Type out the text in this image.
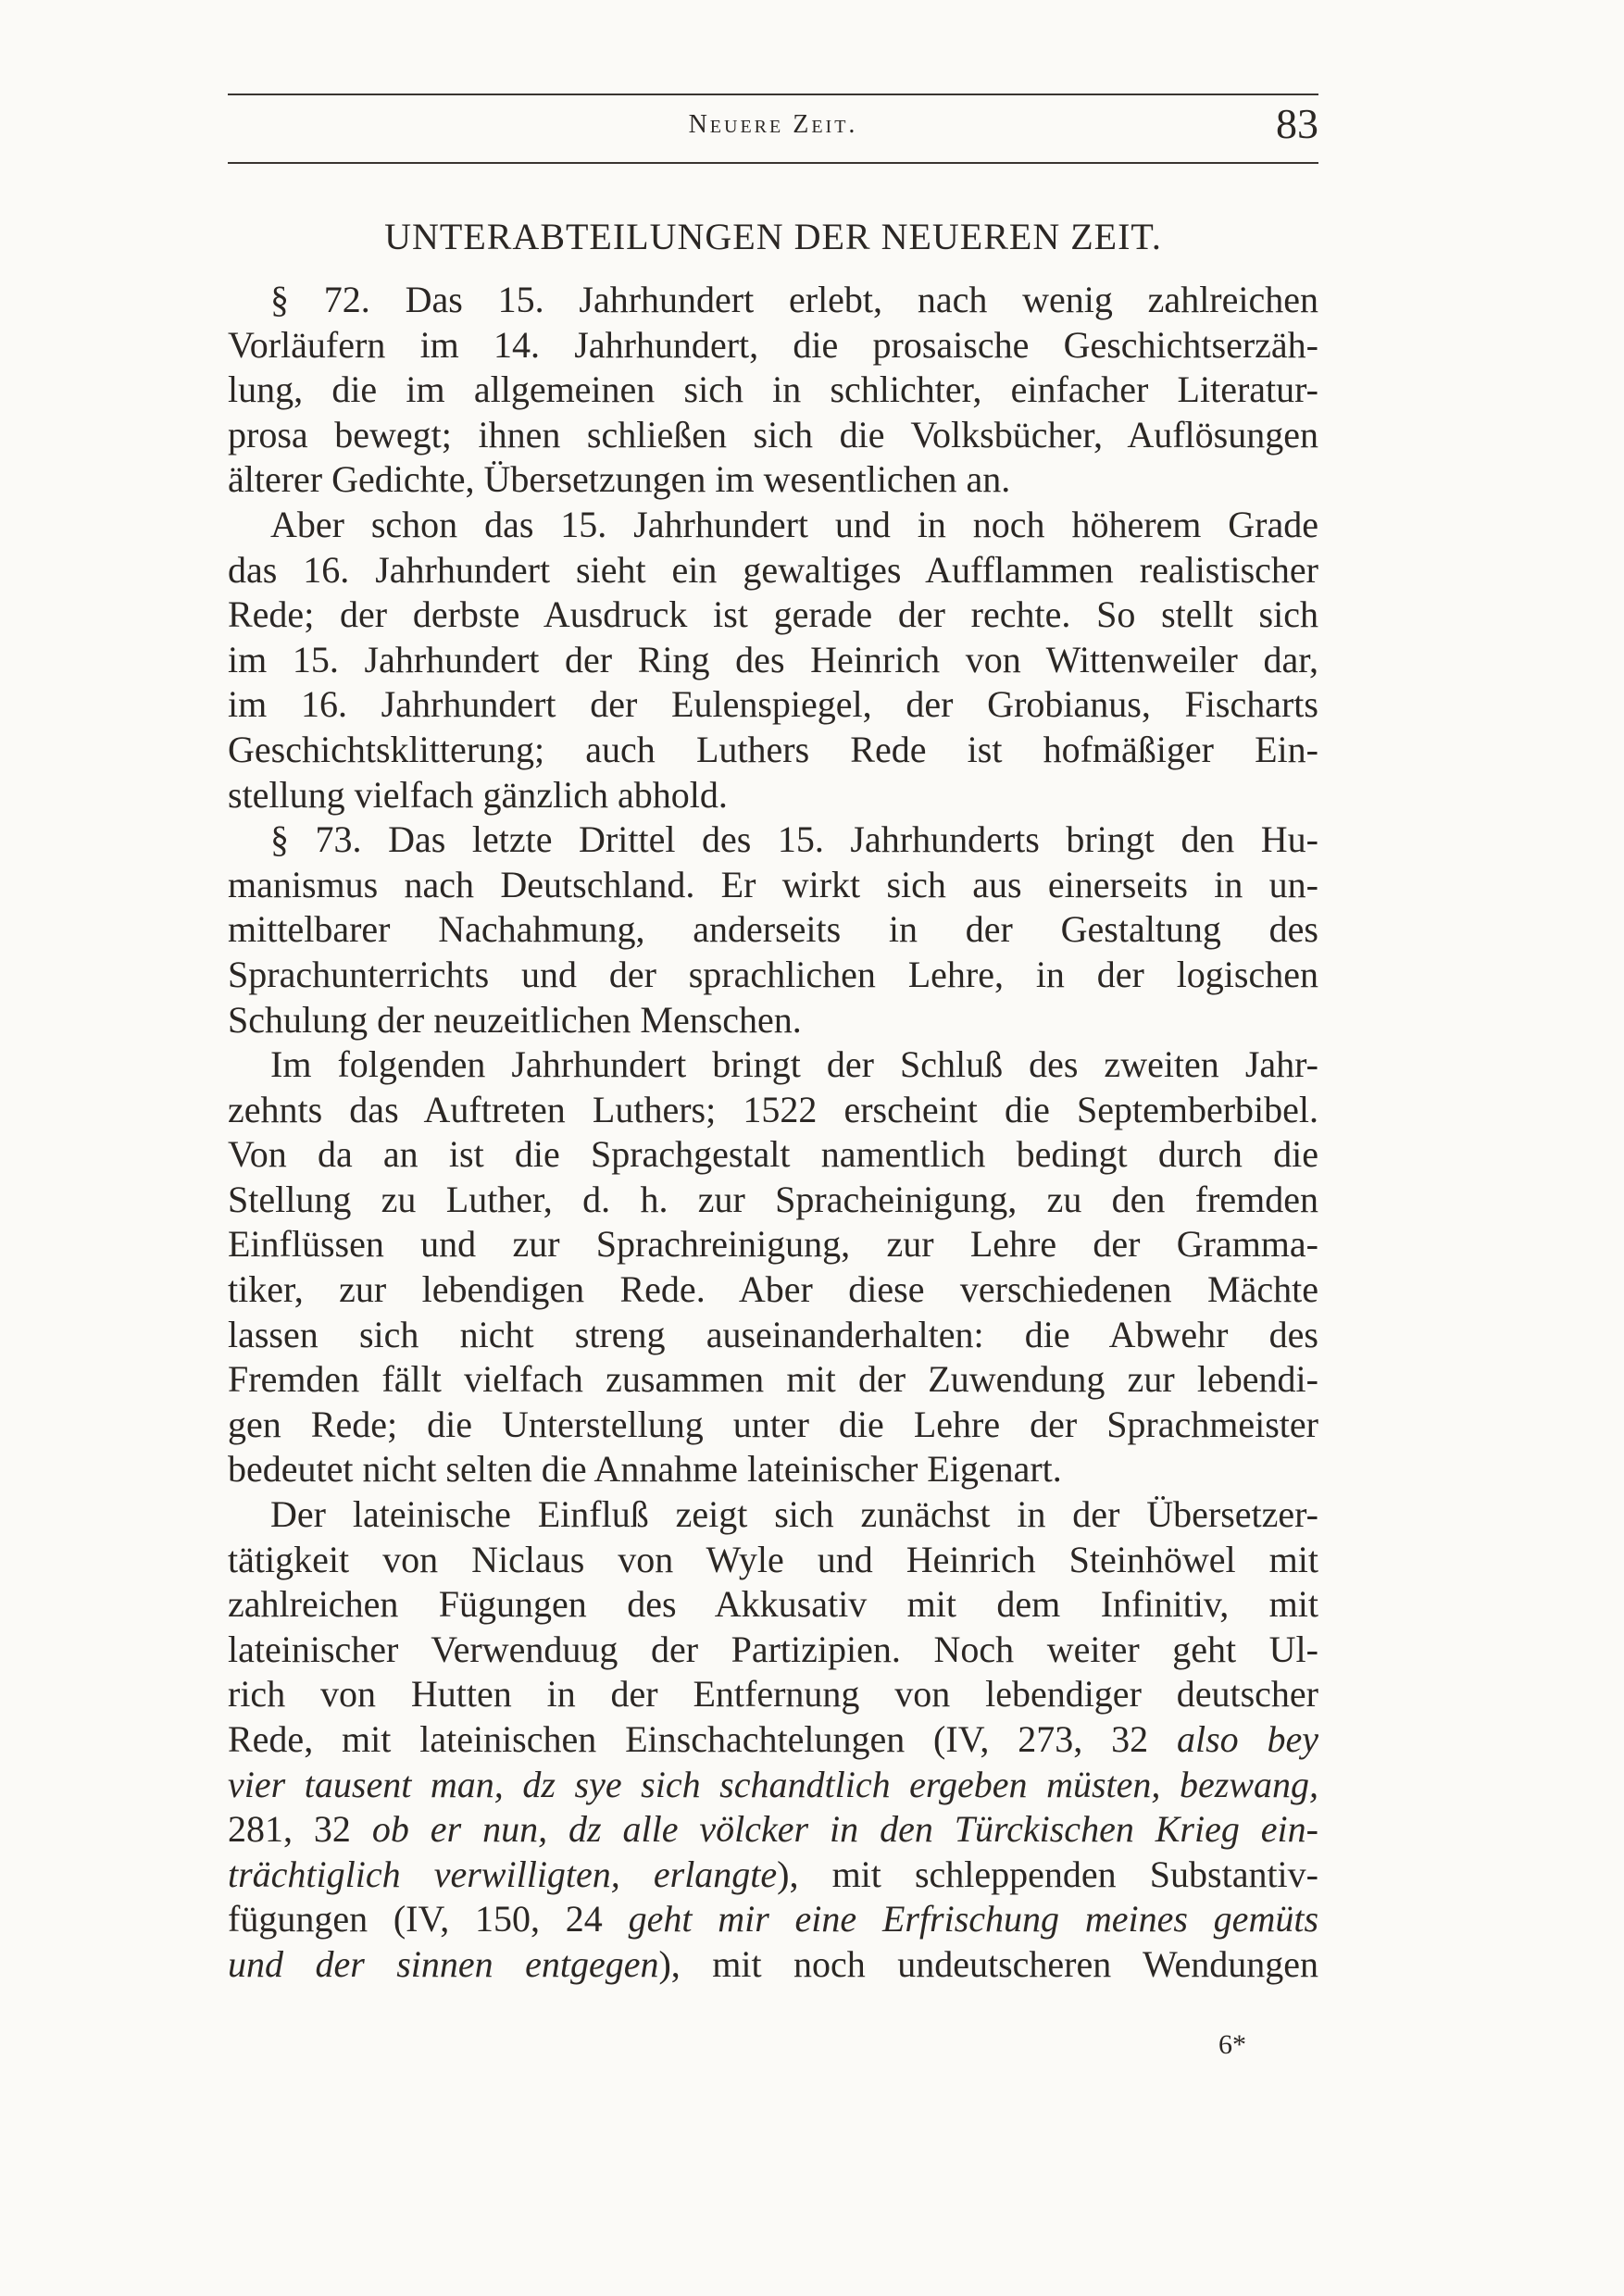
Neuere Zeit.	83
UNTERABTEILUNGEN DER NEUEREN ZEIT.
§ 72. Das 15. Jahrhundert erlebt, nach wenig zahlreichen
Vorläufern im 14. Jahrhundert, die prosaische Geschichtserzäh-
lung, die im allgemeinen sich in schlichter, einfacher Literatur-
prosa bewegt; ihnen schließen sich die Volksbücher, Auflösungen
älterer Gedichte, Übersetzungen im wesentlichen an.
Aber schon das 15. Jahrhundert und in noch höherem Grade
das 16. Jahrhundert sieht ein gewaltiges Aufflammen realistischer
Rede; der derbste Ausdruck ist gerade der rechte. So stellt sich
im 15. Jahrhundert der Ring des Heinrich von Wittenweiler dar,
im 16. Jahrhundert der Eulenspiegel, der Grobianus, Fischarts
Geschichtsklitterung; auch Luthers Rede ist hofmäßiger Ein-
stellung vielfach gänzlich abhold.
§ 73. Das letzte Drittel des 15. Jahrhunderts bringt den Hu-
manismus nach Deutschland. Er wirkt sich aus einerseits in un-
mittelbarer Nachahmung, anderseits in der Gestaltung des
Sprachunterrichts und der sprachlichen Lehre, in der logischen
Schulung der neuzeitlichen Menschen.
Im folgenden Jahrhundert bringt der Schluß des zweiten Jahr-
zehnts das Auftreten Luthers; 1522 erscheint die Septemberbibel.
Von da an ist die Sprachgestalt namentlich bedingt durch die
Stellung zu Luther, d. h. zur Spracheinigung, zu den fremden
Einflüssen und zur Sprachreinigung, zur Lehre der Gramma-
tiker, zur lebendigen Rede. Aber diese verschiedenen Mächte
lassen sich nicht streng auseinanderhalten: die Abwehr des
Fremden fällt vielfach zusammen mit der Zuwendung zur lebendi-
gen Rede; die Unterstellung unter die Lehre der Sprachmeister
bedeutet nicht selten die Annahme lateinischer Eigenart.
Der lateinische Einfluß zeigt sich zunächst in der Übersetzer-
tätigkeit von Niclaus von Wyle und Heinrich Steinhöwel mit
zahlreichen Fügungen des Akkusativ mit dem Infinitiv, mit
lateinischer Verwenduug der Partizipien. Noch weiter geht Ul-
rich von Hutten in der Entfernung von lebendiger deutscher
Rede, mit lateinischen Einschachtelungen (IV, 273, 32 also bey
vier tausent man, dz sye sich schandtlich ergeben müsten, bezwang,
281, 32 ob er nun, dz alle völcker in den Türckischen Krieg ein-
trächtiglich verwilligten, erlangte), mit schleppenden Substantiv-
fügungen (IV, 150, 24 geht mir eine Erfrischung meines gemüts
und der sinnen entgegen), mit noch undeutscheren Wendungen
6*
